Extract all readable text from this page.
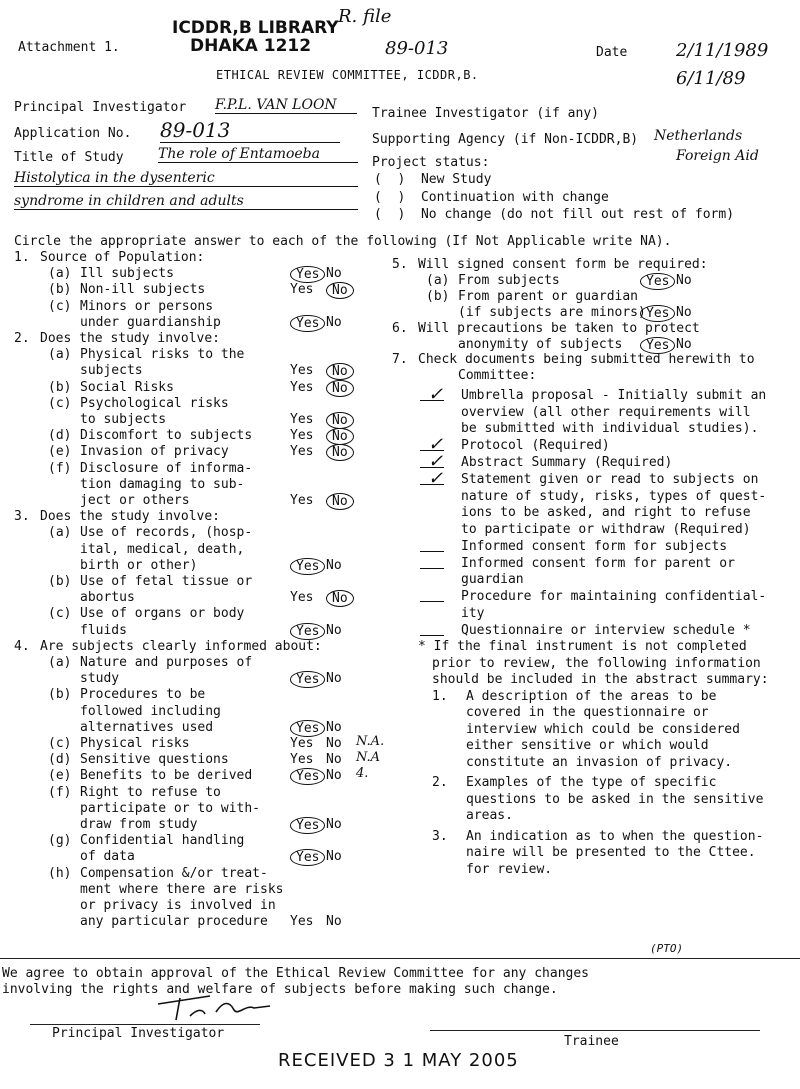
ICDDR,B LIBRARY
DHAKA 1212
Attachment 1.
R. file
89-013
ETHICAL REVIEW COMMITTEE, ICDDR,B.
Date	2/11/1989
6/11/89
Principal Investigator F.P.L. VAN LOON
Trainee Investigator (if any)
Application No. 89-013	Supporting Agency (if Non-ICDDR,B) Netherlands
Foreign Aid
Title of Study The role of Entamoeba
Histolytica in the dysenteric
syndrome in children and adults
Project status:
(  )  New Study
(  )  Continuation with change
(  )  No change (do not fill out rest of form)
Circle the appropriate answer to each of the following (If Not Applicable write NA).
1. Source of Population:
(a) Ill subjects	Yes No
(b) Non-ill subjects	Yes	No
(c) Minors or persons
under guardianship	Yes No
2. Does the study involve:
(a) Physical risks to the
subjects	Yes	No
(b) Social Risks	Yes	No
(c) Psychological risks
to subjects	Yes	No
(d) Discomfort to subjects	Yes	No
(e) Invasion of privacy	Yes	No
(f) Disclosure of informa-
tion damaging to sub-
ject or others	Yes	No
3. Does the study involve:
(a) Use of records, (hosp-
ital, medical, death,
birth or other)	Yes No
(b) Use of fetal tissue or
abortus	Yes	No
(c) Use of organs or body
fluids	Yes No
4. Are subjects clearly informed about:
(a) Nature and purposes of
study	Yes No
(b) Procedures to be
followed including
alternatives used	Yes No
(c) Physical risks	Yes No N.A.
(d) Sensitive questions	Yes No N.A
(e) Benefits to be derived	Yes No 4.
(f) Right to refuse to
participate or to with-
draw from study	Yes No
(g) Confidential handling
of data	Yes No
(h) Compensation &/or treat-
ment where there are risks
or privacy is involved in
any particular procedure Yes No
5. Will signed consent form be required:
(a) From subjects	Yes No
(b) From parent or guardian
(if subjects are minors) Yes No
6. Will precautions be taken to protect
anonymity of subjects	Yes No
7. Check documents being submitted herewith to
Committee:
✓ Umbrella proposal - Initially submit an
overview (all other requirements will
be submitted with individual studies).
✓ Protocol (Required)
✓ Abstract Summary (Required)
✓ Statement given or read to subjects on
nature of study, risks, types of quest-
ions to be asked, and right to refuse
to participate or withdraw (Required)
Informed consent form for subjects
Informed consent form for parent or
guardian
Procedure for maintaining confidential-
ity
Questionnaire or interview schedule *
* If the final instrument is not completed
prior to review, the following information
should be included in the abstract summary:
1. A description of the areas to be
covered in the questionnaire or
interview which could be considered
either sensitive or which would
constitute an invasion of privacy.
2. Examples of the type of specific
questions to be asked in the sensitive
areas.
3. An indication as to when the question-
naire will be presented to the Cttee.
for review.
(PTO)
We agree to obtain approval of the Ethical Review Committee for any changes
involving the rights and welfare of subjects before making such change.
Principal Investigator
Trainee
RECEIVED 3 1 MAY 2005
